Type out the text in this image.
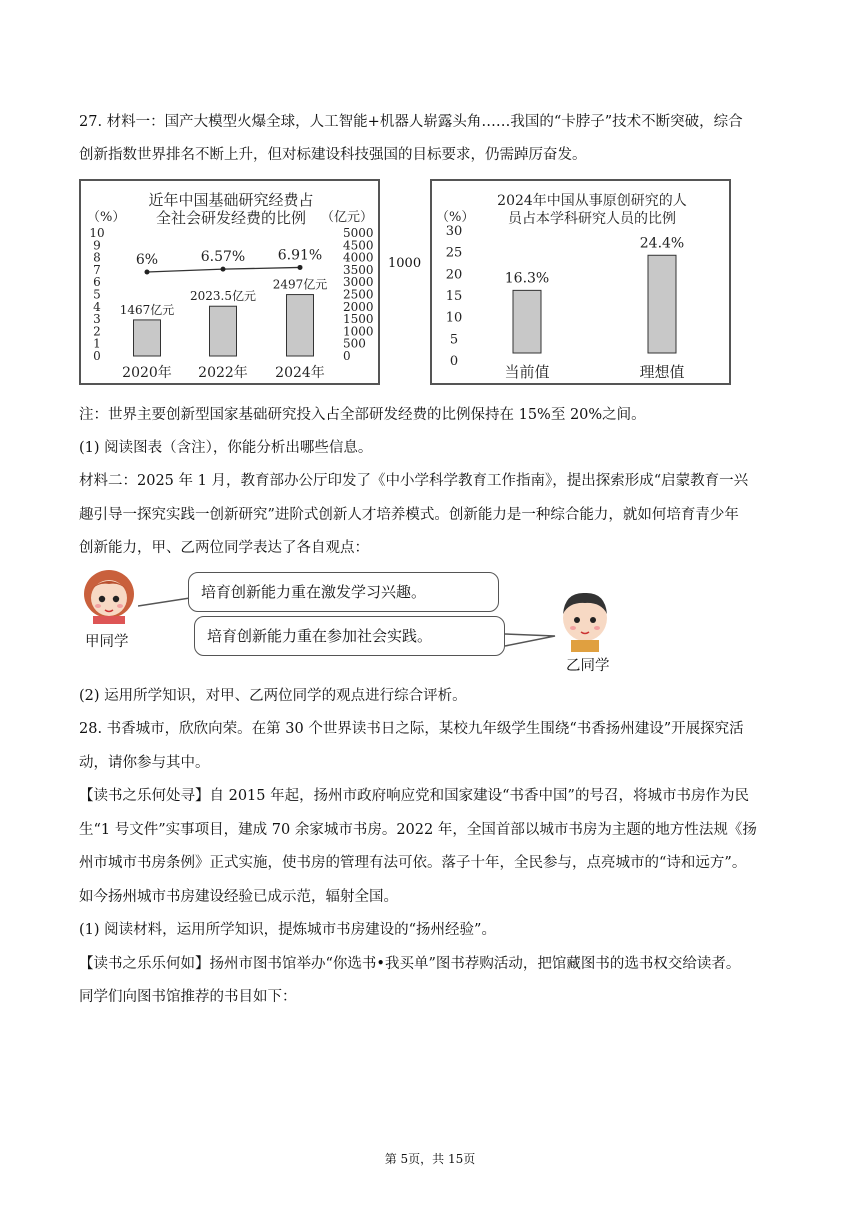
27. 材料一：国产大模型火爆全球，人工智能+机器人崭露头角……我国的“卡脖子”技术不断突破，综合
创新指数世界排名不断上升，但对标建设科技强国的目标要求，仍需踔厉奋发。
近年中国基础研究经费占
全社会研发经费的比例
（%）	（亿元）
10
9
8
7
6
5
4
3
2
1
0
5000
4500
4000
3500
3000
2500
2000
1500
1000
500
0
1467亿元
2023.5亿元
2497亿元
6%	6.57% 6.91%
2020年 2022年 2024年
1000
2024年中国从事原创研究的人
员占本学科研究人员的比例
（%）
30
25
20
15
10
5
0
16.3%
24.4%
当前值	理想值
注：世界主要创新型国家基础研究投入占全部研发经费的比例保持在 15%至 20%之间。
(1) 阅读图表（含注），你能分析出哪些信息。
材料二：2025 年 1 月，教育部办公厅印发了《中小学科学教育工作指南》，提出探索形成“启蒙教育一兴
趣引导一探究实践一创新研究”进阶式创新人才培养模式。创新能力是一种综合能力，就如何培育青少年
创新能力，甲、乙两位同学表达了各自观点：
甲同学
培育创新能力重在激发学习兴趣。
培育创新能力重在参加社会实践。
乙同学
(2) 运用所学知识，对甲、乙两位同学的观点进行综合评析。
28. 书香城市，欣欣向荣。在第 30 个世界读书日之际，某校九年级学生围绕“书香扬州建设”开展探究活
动，请你参与其中。
【读书之乐何处寻】自 2015 年起，扬州市政府响应党和国家建设“书香中国”的号召，将城市书房作为民
生“1 号文件”实事项目，建成 70 余家城市书房。2022 年，全国首部以城市书房为主题的地方性法规《扬
州市城市书房条例》正式实施，使书房的管理有法可依。落子十年，全民参与，点亮城市的“诗和远方”。
如今扬州城市书房建设经验已成示范，辐射全国。
(1) 阅读材料，运用所学知识，提炼城市书房建设的“扬州经验”。
【读书之乐乐何如】扬州市图书馆举办“你选书•我买单”图书荐购活动，把馆藏图书的选书权交给读者。
同学们向图书馆推荐的书目如下：
第 5页，共 15页
